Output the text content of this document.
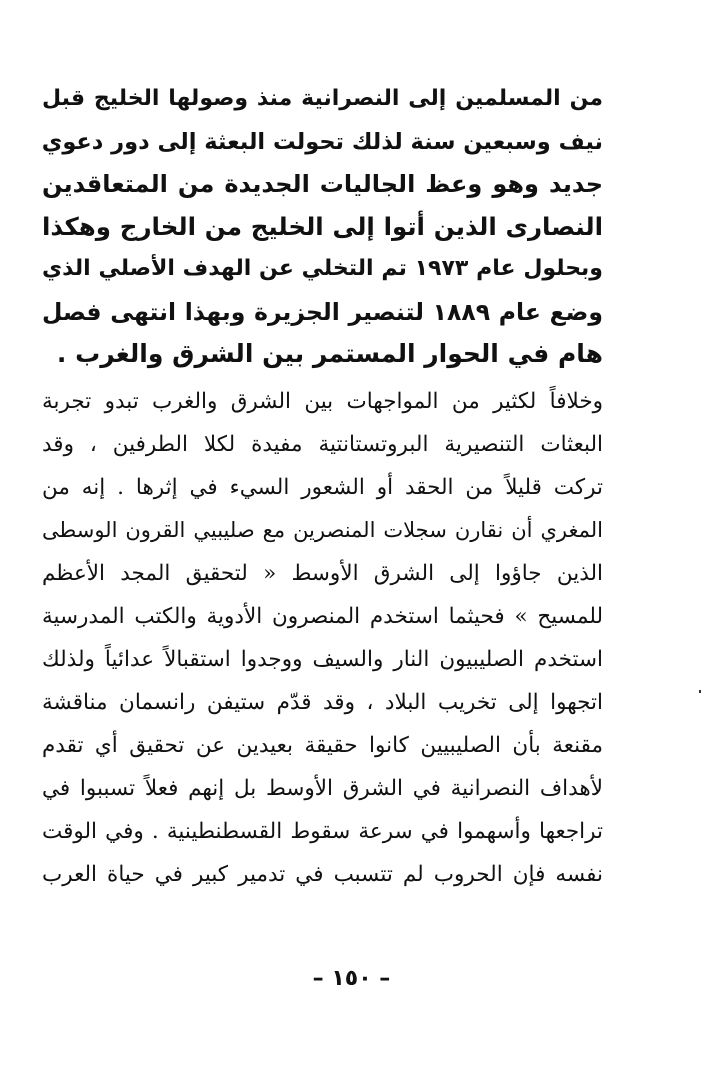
من المسلمين إلى النصرانية منذ وصولها الخليج قبل
نيف وسبعين سنة لذلك تحولت البعثة إلى دور دعوي
جديد وهو وعظ الجاليات الجديدة من المتعاقدين
النصارى الذين أتوا إلى الخليج من الخارج وهكذا
وبحلول عام ١٩٧٣ تم التخلي عن الهدف الأصلي الذي
وضع عام ١٨٨٩ لتنصير الجزيرة وبهذا انتهى فصل
هام في الحوار المستمر بين الشرق والغرب .
وخلافاً لكثير من المواجهات بين الشرق والغرب تبدو تجربة
البعثات التنصيرية البروتستانتية مفيدة لكلا الطرفين ، وقد
تركت قليلاً من الحقد أو الشعور السيء في إثرها . إنه من
المغري أن نقارن سجلات المنصرين مع صليبيي القرون الوسطى
الذين جاؤوا إلى الشرق الأوسط « لتحقيق المجد الأعظم
للمسيح » فحيثما استخدم المنصرون الأدوية والكتب المدرسية
استخدم الصليبيون النار والسيف ووجدوا استقبالاً عدائياً ولذلك
اتجهوا إلى تخريب البلاد ، وقد قدّم ستيفن رانسمان مناقشة
مقنعة بأن الصليبيين كانوا حقيقة بعيدين عن تحقيق أي تقدم
لأهداف النصرانية في الشرق الأوسط بل إنهم فعلاً تسببوا في
تراجعها وأسهموا في سرعة سقوط القسطنطينية . وفي الوقت
نفسه فإن الحروب لم تتسبب في تدمير كبير في حياة العرب
– ١٥٠ –
